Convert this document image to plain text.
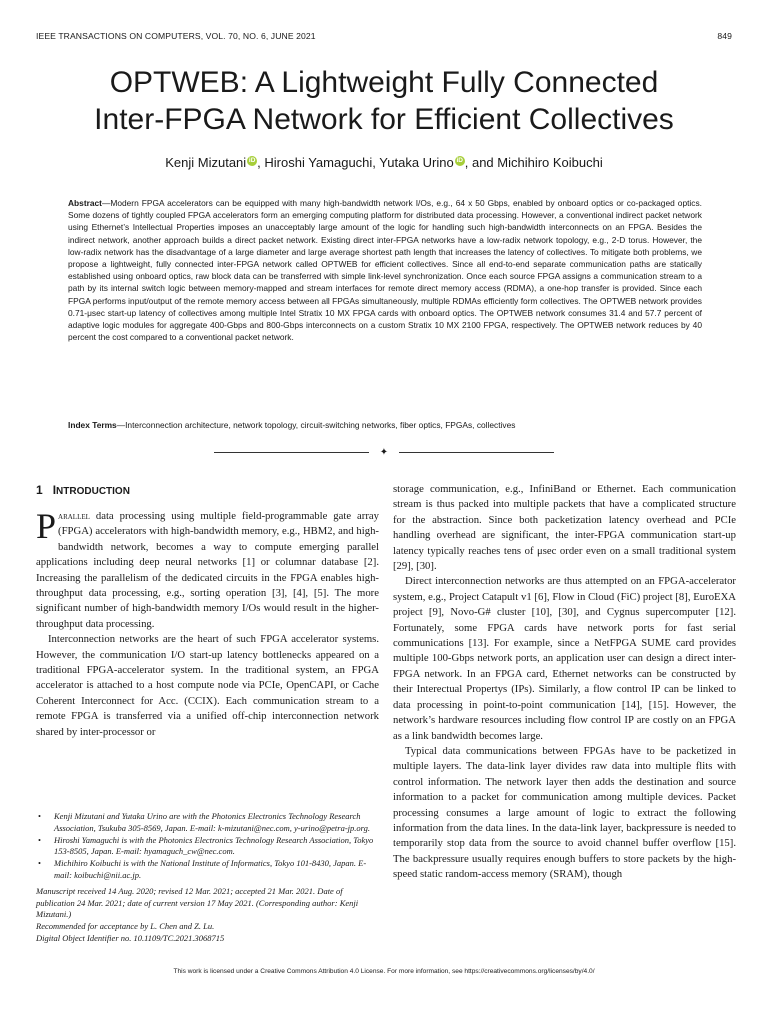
IEEE TRANSACTIONS ON COMPUTERS, VOL. 70, NO. 6, JUNE 2021	849
OPTWEB: A Lightweight Fully Connected
Inter-FPGA Network for Efficient Collectives
Kenji Mizutani iD , Hiroshi Yamaguchi, Yutaka Urino iD , and Michihiro Koibuchi
Abstract—Modern FPGA accelerators can be equipped with many high-bandwidth network I/Os, e.g., 64 x 50 Gbps, enabled by onboard optics or co-packaged optics. Some dozens of tightly coupled FPGA accelerators form an emerging computing platform for distributed data processing. However, a conventional indirect packet network using Ethernet’s Intellectual Properties imposes an unacceptably large amount of the logic for handling such high-bandwidth interconnects on an FPGA. Besides the indirect network, another approach builds a direct packet network. Existing direct inter-FPGA networks have a low-radix network topology, e.g., 2-D torus. However, the low-radix network has the disadvantage of a large diameter and large average shortest path length that increases the latency of collectives. To mitigate both problems, we propose a lightweight, fully connected inter-FPGA network called OPTWEB for efficient collectives. Since all end-to-end separate communication paths are statically established using onboard optics, raw block data can be transferred with simple link-level synchronization. Once each source FPGA assigns a communication stream to a path by its internal switch logic between memory-mapped and stream interfaces for remote direct memory access (RDMA), a one-hop transfer is provided. Since each FPGA performs input/output of the remote memory access between all FPGAs simultaneously, multiple RDMAs efficiently form collectives. The OPTWEB network provides 0.71-μsec start-up latency of collectives among multiple Intel Stratix 10 MX FPGA cards with onboard optics. The OPTWEB network consumes 31.4 and 57.7 percent of adaptive logic modules for aggregate 400-Gbps and 800-Gbps interconnects on a custom Stratix 10 MX 2100 FPGA, respectively. The OPTWEB network reduces by 40 percent the cost compared to a conventional packet network.
Index Terms—Interconnection architecture, network topology, circuit-switching networks, fiber optics, FPGAs, collectives
✦
1 INTRODUCTION

Parallel data processing using multiple field-programmable gate array (FPGA) accelerators with high-bandwidth memory, e.g., HBM2, and high-bandwidth network, becomes a way to compute emerging parallel applications including deep neural networks [1] or columnar database [2]. Increasing the parallelism of the dedicated circuits in the FPGA enables high-throughput data processing, e.g., sorting operation [3], [4], [5]. The more significant number of high-bandwidth memory I/Os would result in the higher-throughput data processing.

Interconnection networks are the heart of such FPGA accelerator systems. However, the communication I/O start-up latency bottlenecks appeared on a traditional FPGA-accelerator system. In the traditional system, an FPGA accelerator is attached to a host compute node via PCIe, OpenCAPI, or Cache Coherent Interconnect for Acc. (CCIX). Each communication stream to a remote FPGA is transferred via a unified off-chip interconnection network shared by inter-processor or

storage communication, e.g., InfiniBand or Ethernet. Each communication stream is thus packed into multiple packets that have a complicated structure for the abstraction. Since both packetization latency overhead and PCIe handling overhead are significant, the inter-FPGA communication start-up latency typically reaches tens of μsec order even on a small traditional system [29], [30].

Direct interconnection networks are thus attempted on an FPGA-accelerator system, e.g., Project Catapult v1 [6], Flow in Cloud (FiC) project [8], EuroEXA project [9], Novo-G# cluster [10], [30], and Cygnus supercomputer [12]. Fortunately, some FPGA cards have network ports for fast serial communications [13]. For example, since a NetFPGA SUME card provides multiple 100-Gbps network ports, an application user can design a direct inter-FPGA network. In an FPGA card, Ethernet networks can be constructed by their Interectual Propertys (IPs). Similarly, a flow control IP can be linked to data processing in point-to-point communication [14], [15]. However, the network’s hardware resources including flow control IP are costly on an FPGA as a link bandwidth becomes large.

Typical data communications between FPGAs have to be packetized in multiple layers. The data-link layer divides raw data into multiple flits with control information. The network layer then adds the destination and source information to a packet for communication among multiple devices. Packet processing consumes a large amount of logic to extract the following information from the data lines. In the data-link layer, backpressure is needed to temporarily stop data from the source to avoid channel buffer overflow [15]. The backpressure usually requires enough buffers to store packets by the high-speed static random-access memory (SRAM), though

• Kenji Mizutani and Yutaka Urino are with the Photonics Electronics Technology Research Association, Tsukuba 305-8569, Japan. E-mail: k-mizutani@nec.com, y-urino@petra-jp.org.
• Hiroshi Yamaguchi is with the Photonics Electronics Technology Research Association, Tokyo 153-8505, Japan. E-mail: hyamaguch_cw@nec.com.
• Michihiro Koibuchi is with the National Institute of Informatics, Tokyo 101-8430, Japan. E-mail: koibuchi@nii.ac.jp.
Manuscript received 14 Aug. 2020; revised 12 Mar. 2021; accepted 21 Mar. 2021. Date of publication 24 Mar. 2021; date of current version 17 May 2021. (Corresponding author: Kenji Mizutani.)
Recommended for acceptance by L. Chen and Z. Lu.
Digital Object Identifier no. 10.1109/TC.2021.3068715
This work is licensed under a Creative Commons Attribution 4.0 License. For more information, see https://creativecommons.org/licenses/by/4.0/
